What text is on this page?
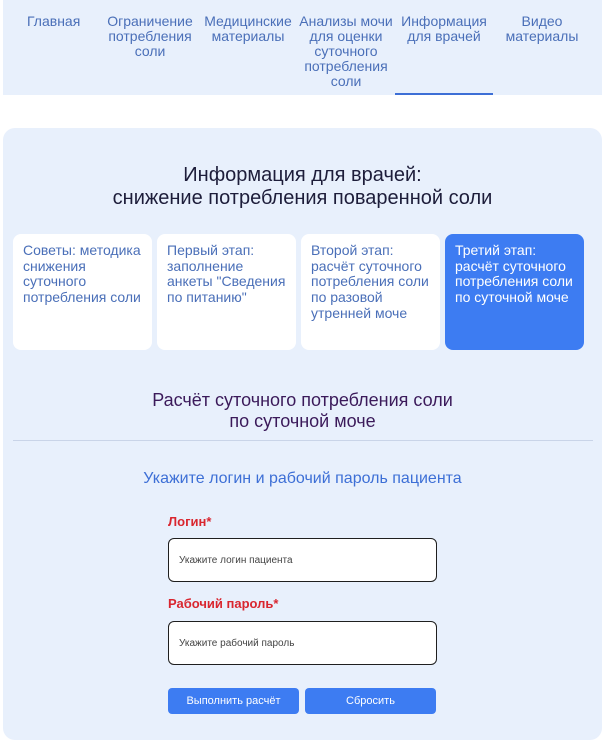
Главная	Ограничение потребления соли
Медицинские материалы
Анализы мочи для оценки суточного потребления соли
Информация для врачей
Видео материалы
Информация для врачей:
снижение потребления поваренной соли
Советы: методика снижения суточного потребления соли
Первый этап: заполнение анкеты "Сведения по питанию"
Второй этап: расчёт суточного потребления соли по разовой утренней моче
Третий этап: расчёт суточного потребления соли по суточной моче
Расчёт суточного потребления соли
по суточной моче
Укажите логин и рабочий пароль пациента
Логин*
Укажите логин пациента
Рабочий пароль*
Укажите рабочий пароль
Выполнить расчёт	Сбросить
